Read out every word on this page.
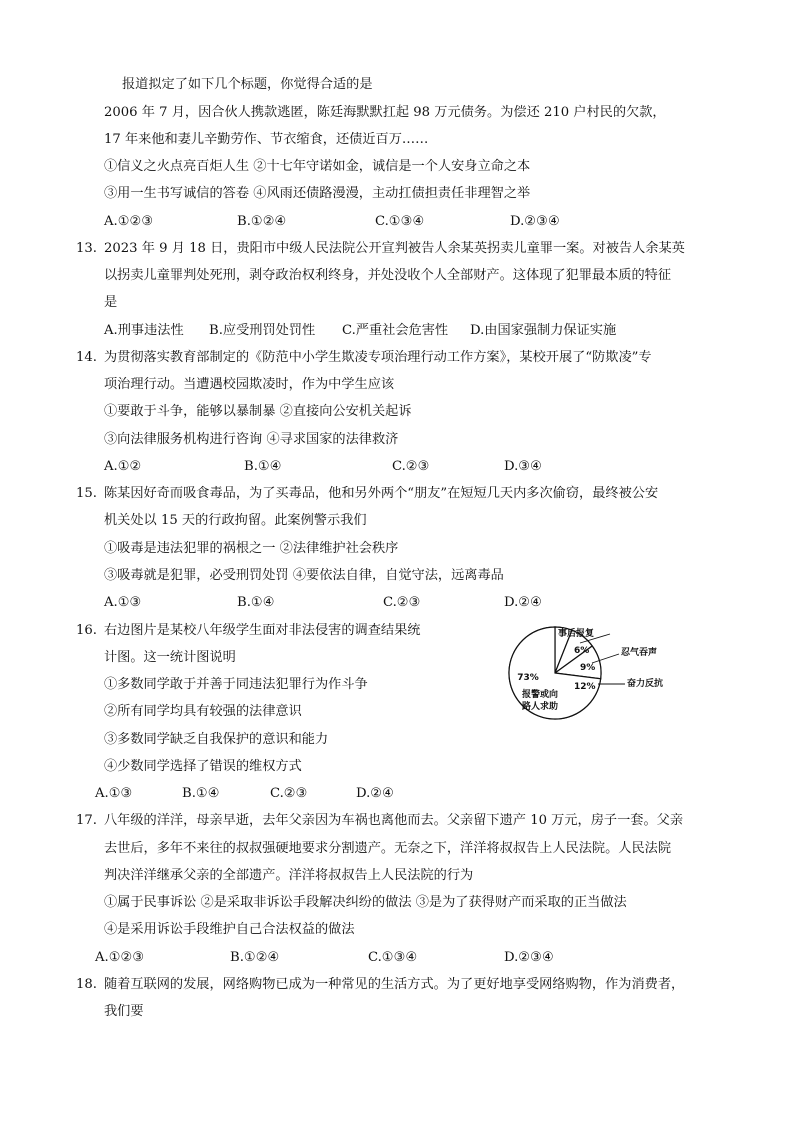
报道拟定了如下几个标题，你觉得合适的是
2006 年 7 月，因合伙人携款逃匿，陈廷海默默扛起 98 万元债务。为偿还 210 户村民的欠款，
17 年来他和妻儿辛勤劳作、节衣缩食，还债近百万……
①信义之火点亮百炬人生 ②十七年守诺如金，诚信是一个人安身立命之本
③用一生书写诚信的答卷 ④风雨还债路漫漫，主动扛债担责任非理智之举
A.①②③	B.①②④	C.①③④	D.②③④
13. 2023 年 9 月 18 日，贵阳市中级人民法院公开宣判被告人余某英拐卖儿童罪一案。对被告人余某英
以拐卖儿童罪判处死刑，剥夺政治权利终身，并处没收个人全部财产。这体现了犯罪最本质的特征
是
A.刑事违法性 B.应受刑罚处罚性 C.严重社会危害性 D.由国家强制力保证实施
14. 为贯彻落实教育部制定的《防范中小学生欺凌专项治理行动工作方案》，某校开展了“防欺凌”专
项治理行动。当遭遇校园欺凌时，作为中学生应该
①要敢于斗争，能够以暴制暴 ②直接向公安机关起诉
③向法律服务机构进行咨询 ④寻求国家的法律救济
A.①②	B.①④	C.②③	D.③④
15. 陈某因好奇而吸食毒品，为了买毒品，他和另外两个“朋友”在短短几天内多次偷窃，最终被公安
机关处以 15 天的行政拘留。此案例警示我们
①吸毒是违法犯罪的祸根之一 ②法律维护社会秩序
③吸毒就是犯罪，必受刑罚处罚 ④要依法自律，自觉守法，远离毒品
A.①③	B.①④	C.②③	D.②④
16. 右边图片是某校八年级学生面对非法侵害的调查结果统
计图。这一统计图说明
①多数同学敢于并善于同违法犯罪行为作斗争
②所有同学均具有较强的法律意识
③多数同学缺乏自我保护的意识和能力
④少数同学选择了错误的维权方式
A.①③	B.①④	C.②③	D.②④
6%
事后报复
9%
忍气吞声
12%	奋力反抗
73%
报警或向
路人求助
17. 八年级的洋洋，母亲早逝，去年父亲因为车祸也离他而去。父亲留下遗产 10 万元，房子一套。父亲
去世后，多年不来往的叔叔强硬地要求分割遗产。无奈之下，洋洋将叔叔告上人民法院。人民法院
判决洋洋继承父亲的全部遗产。洋洋将叔叔告上人民法院的行为
①属于民事诉讼 ②是采取非诉讼手段解决纠纷的做法 ③是为了获得财产而采取的正当做法
④是采用诉讼手段维护自己合法权益的做法
A.①②③	B.①②④	C.①③④	D.②③④
18. 随着互联网的发展，网络购物已成为一种常见的生活方式。为了更好地享受网络购物，作为消费者，
我们要
